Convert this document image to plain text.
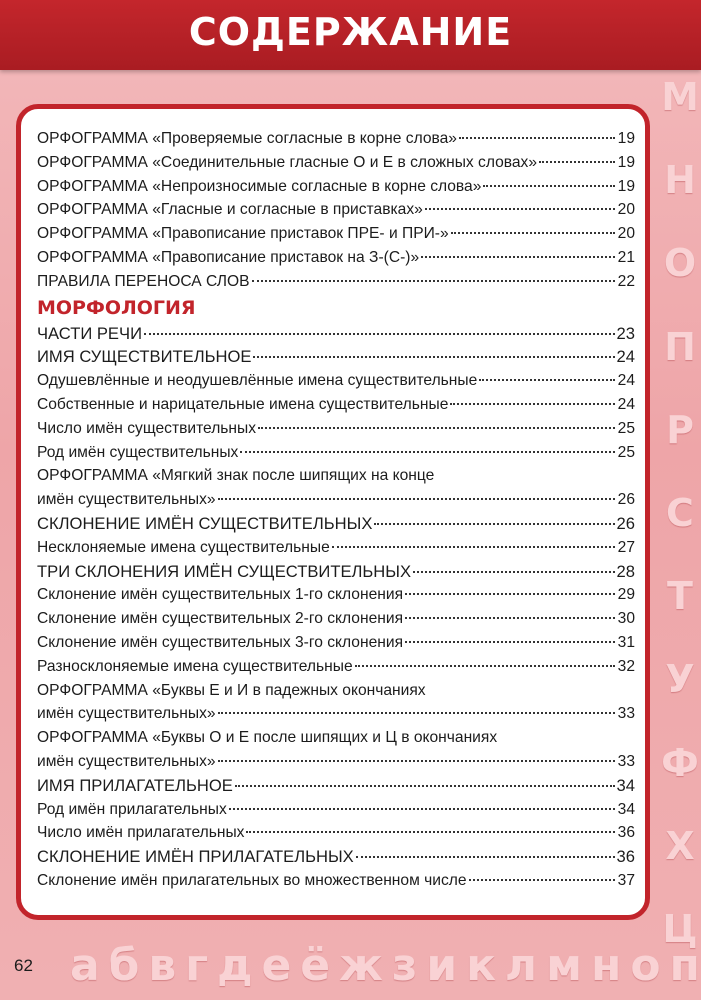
СОДЕРЖАНИЕ
М
Н
О
П
Р
С
Т
У
Ф
Х
Ц
ОРФОГРАММА «Проверяемые согласные в корне слова»	19
ОРФОГРАММА «Соединительные гласные О и Е в сложных словах»	19
ОРФОГРАММА «Непроизносимые согласные в корне слова»	19
ОРФОГРАММА «Гласные и согласные в приставках»	20
ОРФОГРАММА «Правописание приставок ПРЕ- и ПРИ-»	20
ОРФОГРАММА «Правописание приставок на З-(С-)»	21
ПРАВИЛА ПЕРЕНОСА СЛОВ	22
МОРФОЛОГИЯ
ЧАСТИ РЕЧИ	23
ИМЯ СУЩЕСТВИТЕЛЬНОЕ	24
Одушевлённые и неодушевлённые имена существительные	24
Собственные и нарицательные имена существительные	24
Число имён существительных	25
Род имён существительных	25
ОРФОГРАММА «Мягкий знак после шипящих на конце
имён существительных»	26
СКЛОНЕНИЕ ИМЁН СУЩЕСТВИТЕЛЬНЫХ	26
Несклоняемые имена существительные	27
ТРИ СКЛОНЕНИЯ ИМЁН СУЩЕСТВИТЕЛЬНЫХ	28
Склонение имён существительных 1-го склонения	29
Склонение имён существительных 2-го склонения	30
Склонение имён существительных 3-го склонения	31
Разносклоняемые имена существительные	32
ОРФОГРАММА «Буквы Е и И в падежных окончаниях
имён существительных»	33
ОРФОГРАММА «Буквы О и Е после шипящих и Ц в окончаниях
имён существительных»	33
ИМЯ ПРИЛАГАТЕЛЬНОЕ	34
Род имён прилагательных	34
Число имён прилагательных	36
СКЛОНЕНИЕ ИМЁН ПРИЛАГАТЕЛЬНЫХ	36
Склонение имён прилагательных во множественном числе	37
62 а б в г д е ё ж з и к л м н о п
